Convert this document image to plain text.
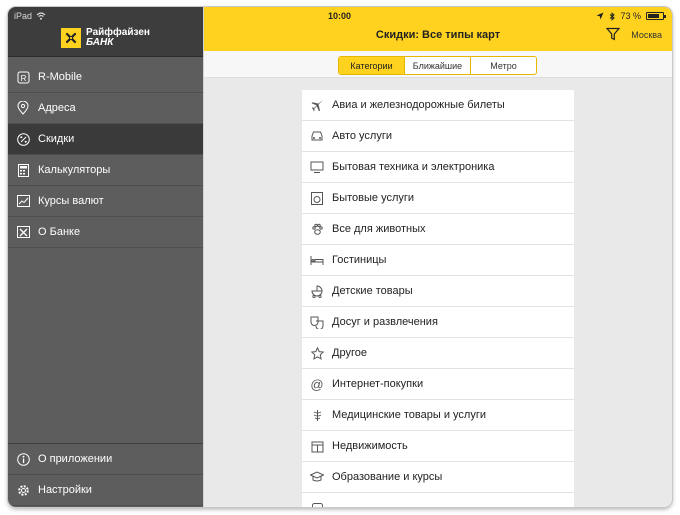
iPad	10:00	73 %
Райффайзен
БАНК
R R-Mobile
Адреса
Скидки
Калькуляторы
Курсы валют
О Банке
О приложении
Настройки
Скидки: Все типы карт	Москва
Категории	Ближайшие	Метро
Авиа и железнодорожные билеты
Авто услуги
Бытовая техника и электроника
Бытовые услуги
Все для животных
Гостиницы
Детские товары
Досуг и развлечения
Другое
@ Интернет-покупки
Медицинские товары и услуги
Недвижимость
Образование и курсы
